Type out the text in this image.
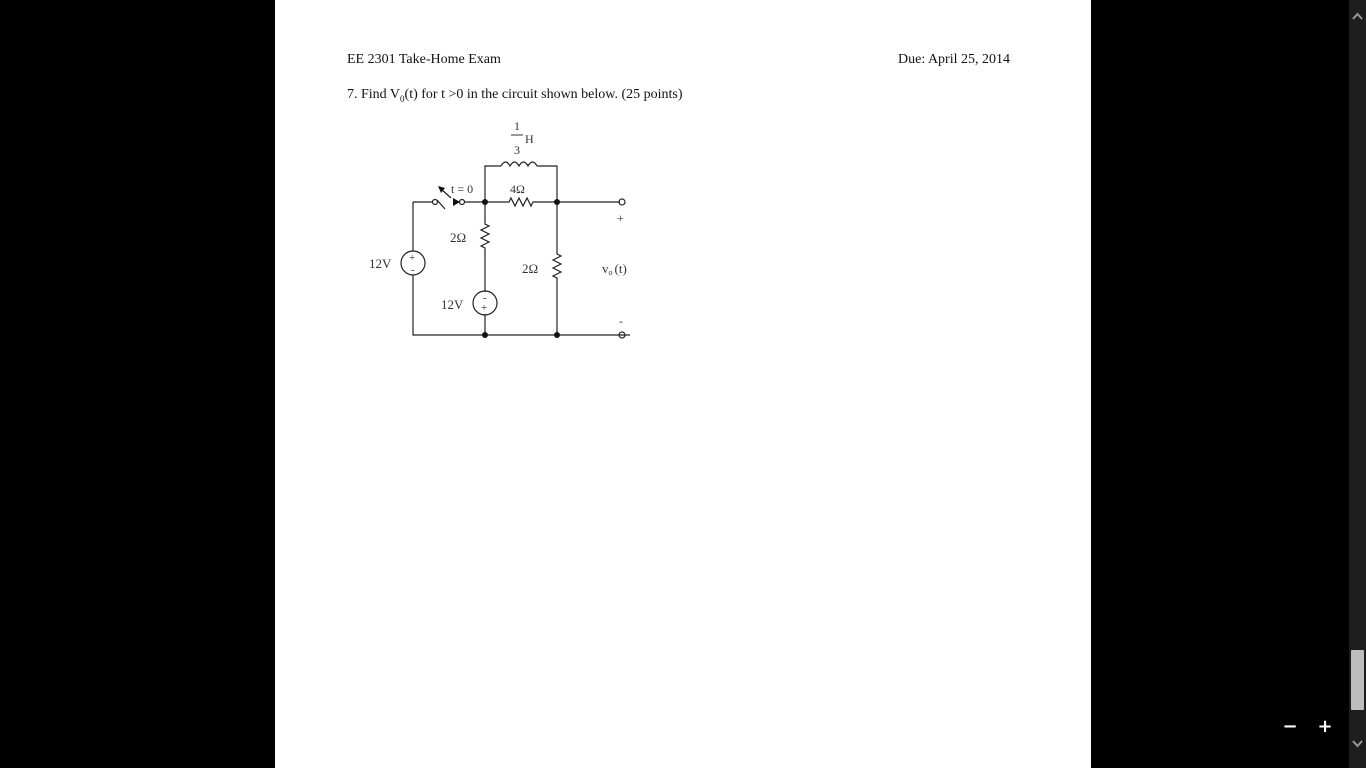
EE 2301 Take-Home Exam	Due: April 25, 2014
7. Find $V_0(t)$ for t >0 in the circuit shown below. (25 points)
1
3
H
t = 0	4Ω
2Ω
2Ω
12V
12V
+
-
-
+
+
-
vo (t)
− +
